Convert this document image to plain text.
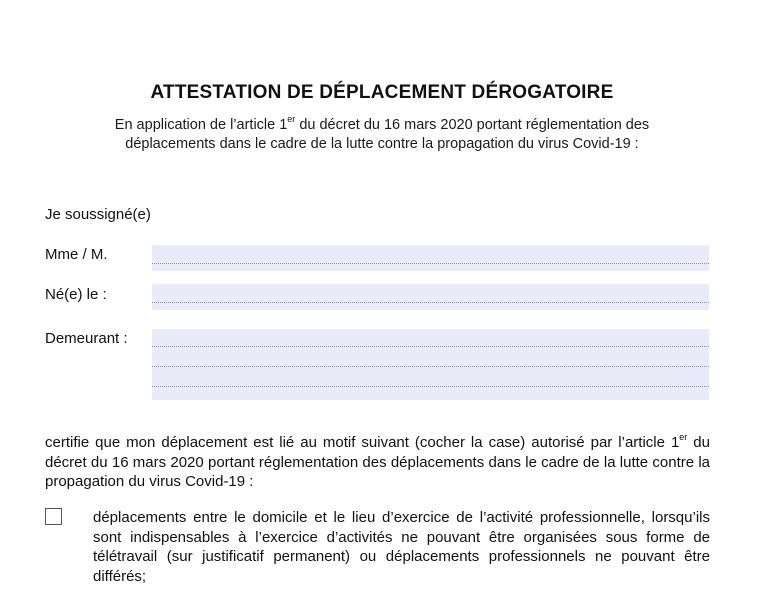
ATTESTATION DE DÉPLACEMENT DÉROGATOIRE
En application de l’article 1er du décret du 16 mars 2020 portant réglementation des
déplacements dans le cadre de la lutte contre la propagation du virus Covid-19 :
Je soussigné(e)
Mme / M.
Né(e) le :
Demeurant :
certifie que mon déplacement est lié au motif suivant (cocher la case) autorisé par l’article 1er du décret du 16 mars 2020 portant réglementation des déplacements dans le cadre de la lutte contre la propagation du virus Covid-19 :
déplacements entre le domicile et le lieu d’exercice de l’activité professionnelle, lorsqu’ils sont indispensables à l’exercice d’activités ne pouvant être organisées sous forme de télétravail (sur justificatif permanent) ou déplacements professionnels ne pouvant être différés;
